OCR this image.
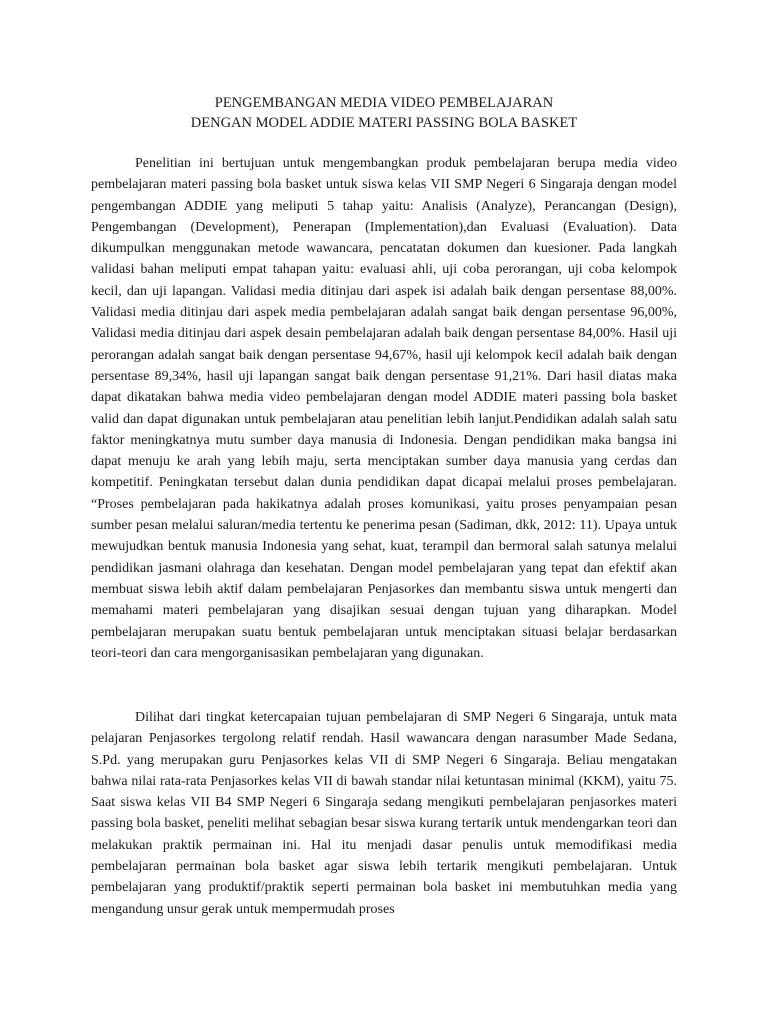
PENGEMBANGAN MEDIA VIDEO PEMBELAJARAN
DENGAN MODEL ADDIE MATERI PASSING BOLA BASKET

Penelitian ini bertujuan untuk mengembangkan produk pembelajaran berupa media video pembelajaran materi passing bola basket untuk siswa kelas VII SMP Negeri 6 Singaraja dengan model pengembangan ADDIE yang meliputi 5 tahap yaitu: Analisis (Analyze), Perancangan (Design), Pengembangan (Development), Penerapan (Implementation),dan Evaluasi (Evaluation). Data dikumpulkan menggunakan metode wawancara, pencatatan dokumen dan kuesioner. Pada langkah validasi bahan meliputi empat tahapan yaitu: evaluasi ahli, uji coba perorangan, uji coba kelompok kecil, dan uji lapangan. Validasi media ditinjau dari aspek isi adalah baik dengan persentase 88,00%. Validasi media ditinjau dari aspek media pembelajaran adalah sangat baik dengan persentase 96,00%, Validasi media ditinjau dari aspek desain pembelajaran adalah baik dengan persentase 84,00%. Hasil uji perorangan adalah sangat baik dengan persentase 94,67%, hasil uji kelompok kecil adalah baik dengan persentase 89,34%, hasil uji lapangan sangat baik dengan persentase 91,21%. Dari hasil diatas maka dapat dikatakan bahwa media video pembelajaran dengan model ADDIE materi passing bola basket valid dan dapat digunakan untuk pembelajaran atau penelitian lebih lanjut.Pendidikan adalah salah satu faktor meningkatnya mutu sumber daya manusia di Indonesia. Dengan pendidikan maka bangsa ini dapat menuju ke arah yang lebih maju, serta menciptakan sumber daya manusia yang cerdas dan kompetitif. Peningkatan tersebut dalan dunia pendidikan dapat dicapai melalui proses pembelajaran. “Proses pembelajaran pada hakikatnya adalah proses komunikasi, yaitu proses penyampaian pesan sumber pesan melalui saluran/media tertentu ke penerima pesan (Sadiman, dkk, 2012: 11). Upaya untuk mewujudkan bentuk manusia Indonesia yang sehat, kuat, terampil dan bermoral salah satunya melalui pendidikan jasmani olahraga dan kesehatan. Dengan model pembelajaran yang tepat dan efektif akan membuat siswa lebih aktif dalam pembelajaran Penjasorkes dan membantu siswa untuk mengerti dan memahami materi pembelajaran yang disajikan sesuai dengan tujuan yang diharapkan. Model pembelajaran merupakan suatu bentuk pembelajaran untuk menciptakan situasi belajar berdasarkan teori-teori dan cara mengorganisasikan pembelajaran yang digunakan.

Dilihat dari tingkat ketercapaian tujuan pembelajaran di SMP Negeri 6 Singaraja, untuk mata pelajaran Penjasorkes tergolong relatif rendah. Hasil wawancara dengan narasumber Made Sedana, S.Pd. yang merupakan guru Penjasorkes kelas VII di SMP Negeri 6 Singaraja. Beliau mengatakan bahwa nilai rata-rata Penjasorkes kelas VII di bawah standar nilai ketuntasan minimal (KKM), yaitu 75. Saat siswa kelas VII B4 SMP Negeri 6 Singaraja sedang mengikuti pembelajaran penjasorkes materi passing bola basket, peneliti melihat sebagian besar siswa kurang tertarik untuk mendengarkan teori dan melakukan praktik permainan ini. Hal itu menjadi dasar penulis untuk memodifikasi media pembelajaran permainan bola basket agar siswa lebih tertarik mengikuti pembelajaran. Untuk pembelajaran yang produktif/praktik seperti permainan bola basket ini membutuhkan media yang mengandung unsur gerak untuk mempermudah proses
